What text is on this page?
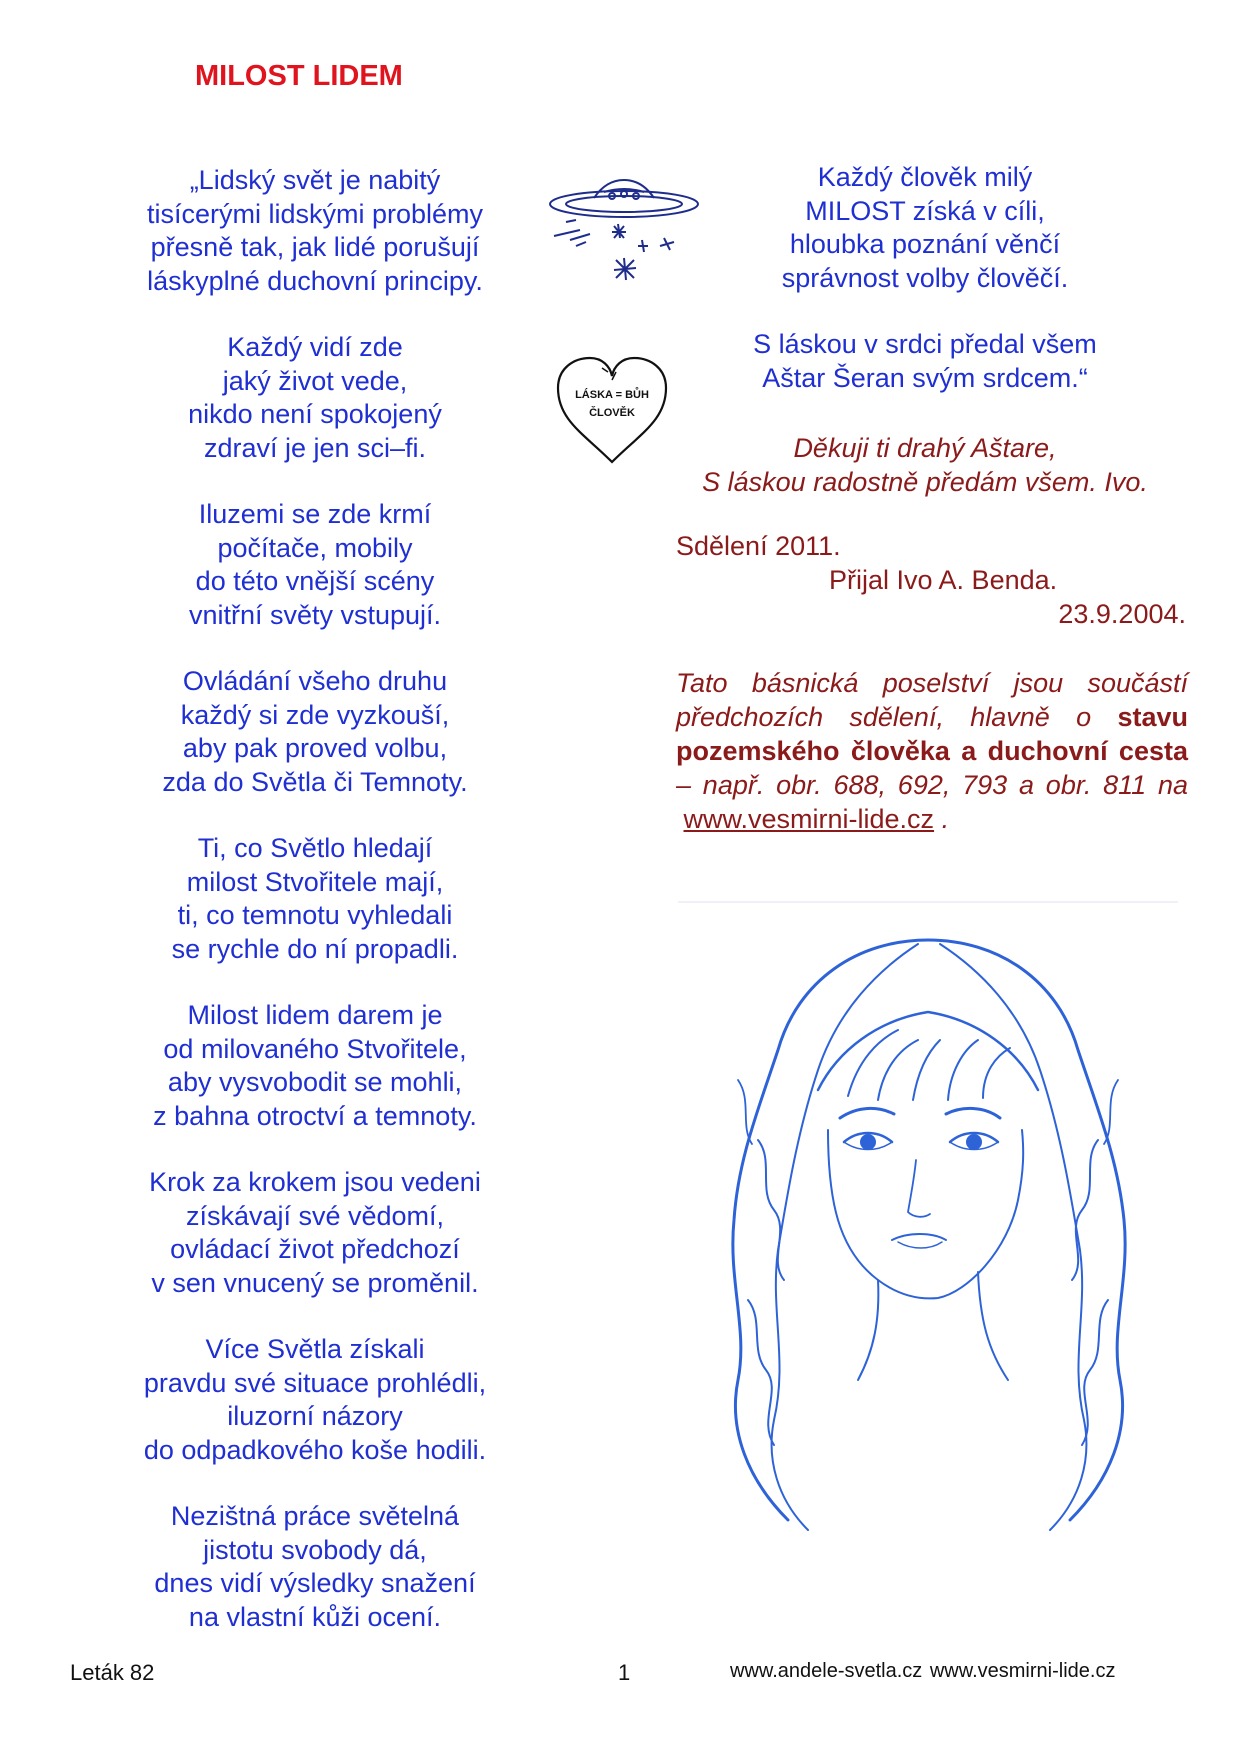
MILOST LIDEM

„Lidský svět je nabitý
tisícerými lidskými problémy
přesně tak, jak lidé porušují
láskyplné duchovní principy.

Každý vidí zde
jaký život vede,
nikdo není spokojený
zdraví je jen sci–fi.

Iluzemi se zde krmí
počítače, mobily
do této vnější scény
vnitřní světy vstupují.

Ovládání všeho druhu
každý si zde vyzkouší,
aby pak proved volbu,
zda do Světla či Temnoty.

Ti, co Světlo hledají
milost Stvořitele mají,
ti, co temnotu vyhledali
se rychle do ní propadli.

Milost lidem darem je
od milovaného Stvořitele,
aby vysvobodit se mohli,
z bahna otroctví a temnoty.

Krok za krokem jsou vedeni
získávají své vědomí,
ovládací život předchozí
v sen vnucený se proměnil.

Více Světla získali
pravdu své situace prohlédli,
iluzorní názory
do odpadkového koše hodili.

Nezištná práce světelná
jistotu svobody dá,
dnes vidí výsledky snažení
na vlastní kůži ocení.

Každý člověk milý
MILOST získá v cíli,
hloubka poznání věnčí
správnost volby člověčí.

S láskou v srdci předal všem
Aštar Šeran svým srdcem.“

Děkuji ti drahý Aštare,
S láskou radostně předám všem. Ivo.
Sdělení 2011.
Přijal Ivo A. Benda.
23.9.2004.
Tato básnická poselství jsou součástí předchozích sdělení, hlavně o stavu pozemského člověka a duchovní cesta – např. obr. 688, 692, 793 a obr. 811 na  www.vesmirni-lide.cz .
LÁSKA = BŮH
ČLOVĚK
Leták 82	1	www.andele-svetla.cz www.vesmirni-lide.cz
